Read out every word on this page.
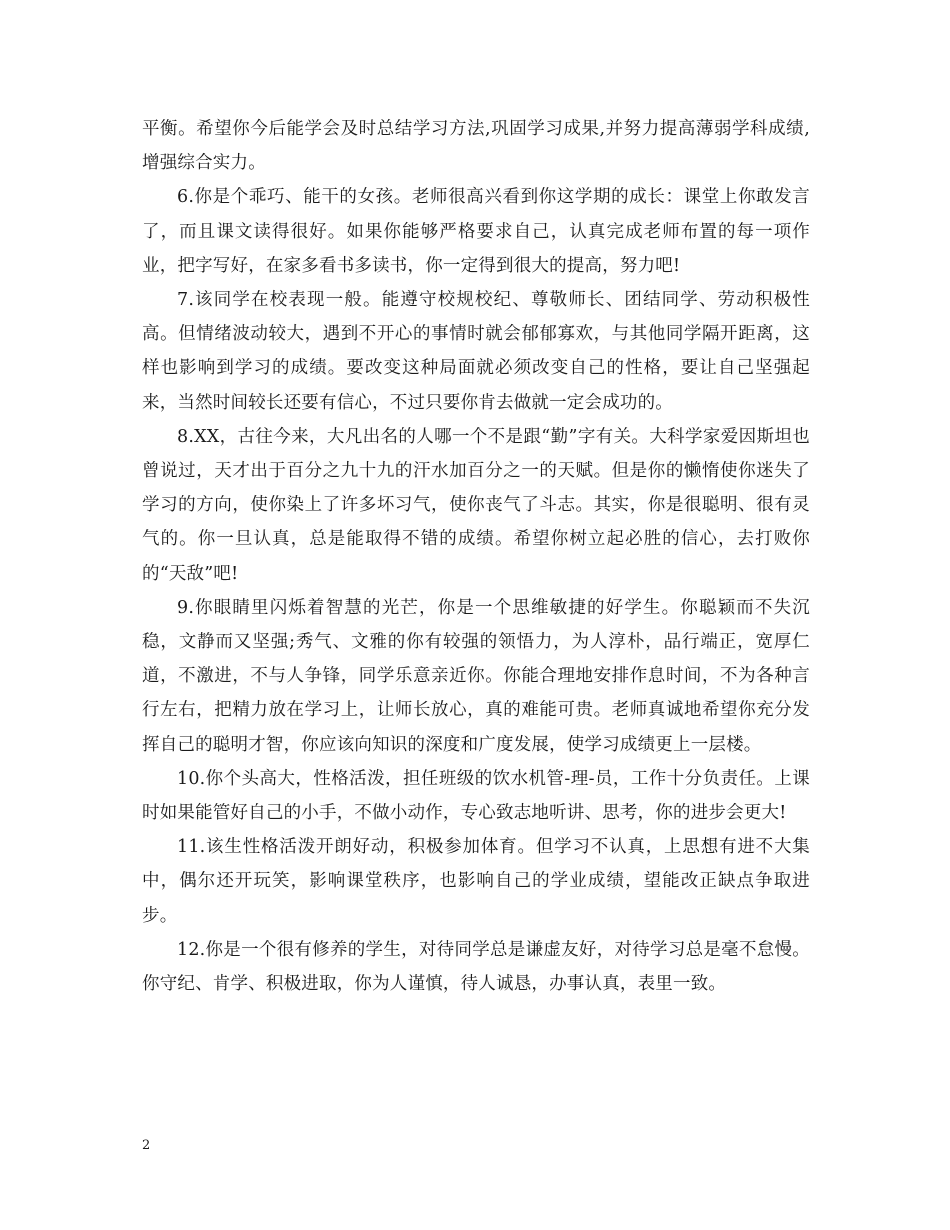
平衡。希望你今后能学会及时总结学习方法,巩固学习成果,并努力提高薄弱学科成绩,增强综合实力。

6.你是个乖巧、能干的女孩。老师很高兴看到你这学期的成长：课堂上你敢发言了，而且课文读得很好。如果你能够严格要求自己，认真完成老师布置的每一项作业，把字写好，在家多看书多读书，你一定得到很大的提高，努力吧!

7.该同学在校表现一般。能遵守校规校纪、尊敬师长、团结同学、劳动积极性高。但情绪波动较大，遇到不开心的事情时就会郁郁寡欢，与其他同学隔开距离，这样也影响到学习的成绩。要改变这种局面就必须改变自己的性格，要让自己坚强起来，当然时间较长还要有信心，不过只要你肯去做就一定会成功的。

8.XX，古往今来，大凡出名的人哪一个不是跟“勤”字有关。大科学家爱因斯坦也曾说过，天才出于百分之九十九的汗水加百分之一的天赋。但是你的懒惰使你迷失了学习的方向，使你染上了许多坏习气，使你丧气了斗志。其实，你是很聪明、很有灵气的。你一旦认真，总是能取得不错的成绩。希望你树立起必胜的信心，去打败你的“天敌”吧!

9.你眼睛里闪烁着智慧的光芒，你是一个思维敏捷的好学生。你聪颖而不失沉稳，文静而又坚强;秀气、文雅的你有较强的领悟力，为人淳朴，品行端正，宽厚仁道，不激进，不与人争锋，同学乐意亲近你。你能合理地安排作息时间，不为各种言行左右，把精力放在学习上，让师长放心，真的难能可贵。老师真诚地希望你充分发挥自己的聪明才智，你应该向知识的深度和广度发展，使学习成绩更上一层楼。

10.你个头高大，性格活泼，担任班级的饮水机管-理-员，工作十分负责任。上课时如果能管好自己的小手，不做小动作，专心致志地听讲、思考，你的进步会更大!

11.该生性格活泼开朗好动，积极参加体育。但学习不认真，上思想有进不大集中，偶尔还开玩笑，影响课堂秩序，也影响自己的学业成绩，望能改正缺点争取进步。

12.你是一个很有修养的学生，对待同学总是谦虚友好，对待学习总是毫不怠慢。你守纪、肯学、积极进取，你为人谨慎，待人诚恳，办事认真，表里一致。

2
